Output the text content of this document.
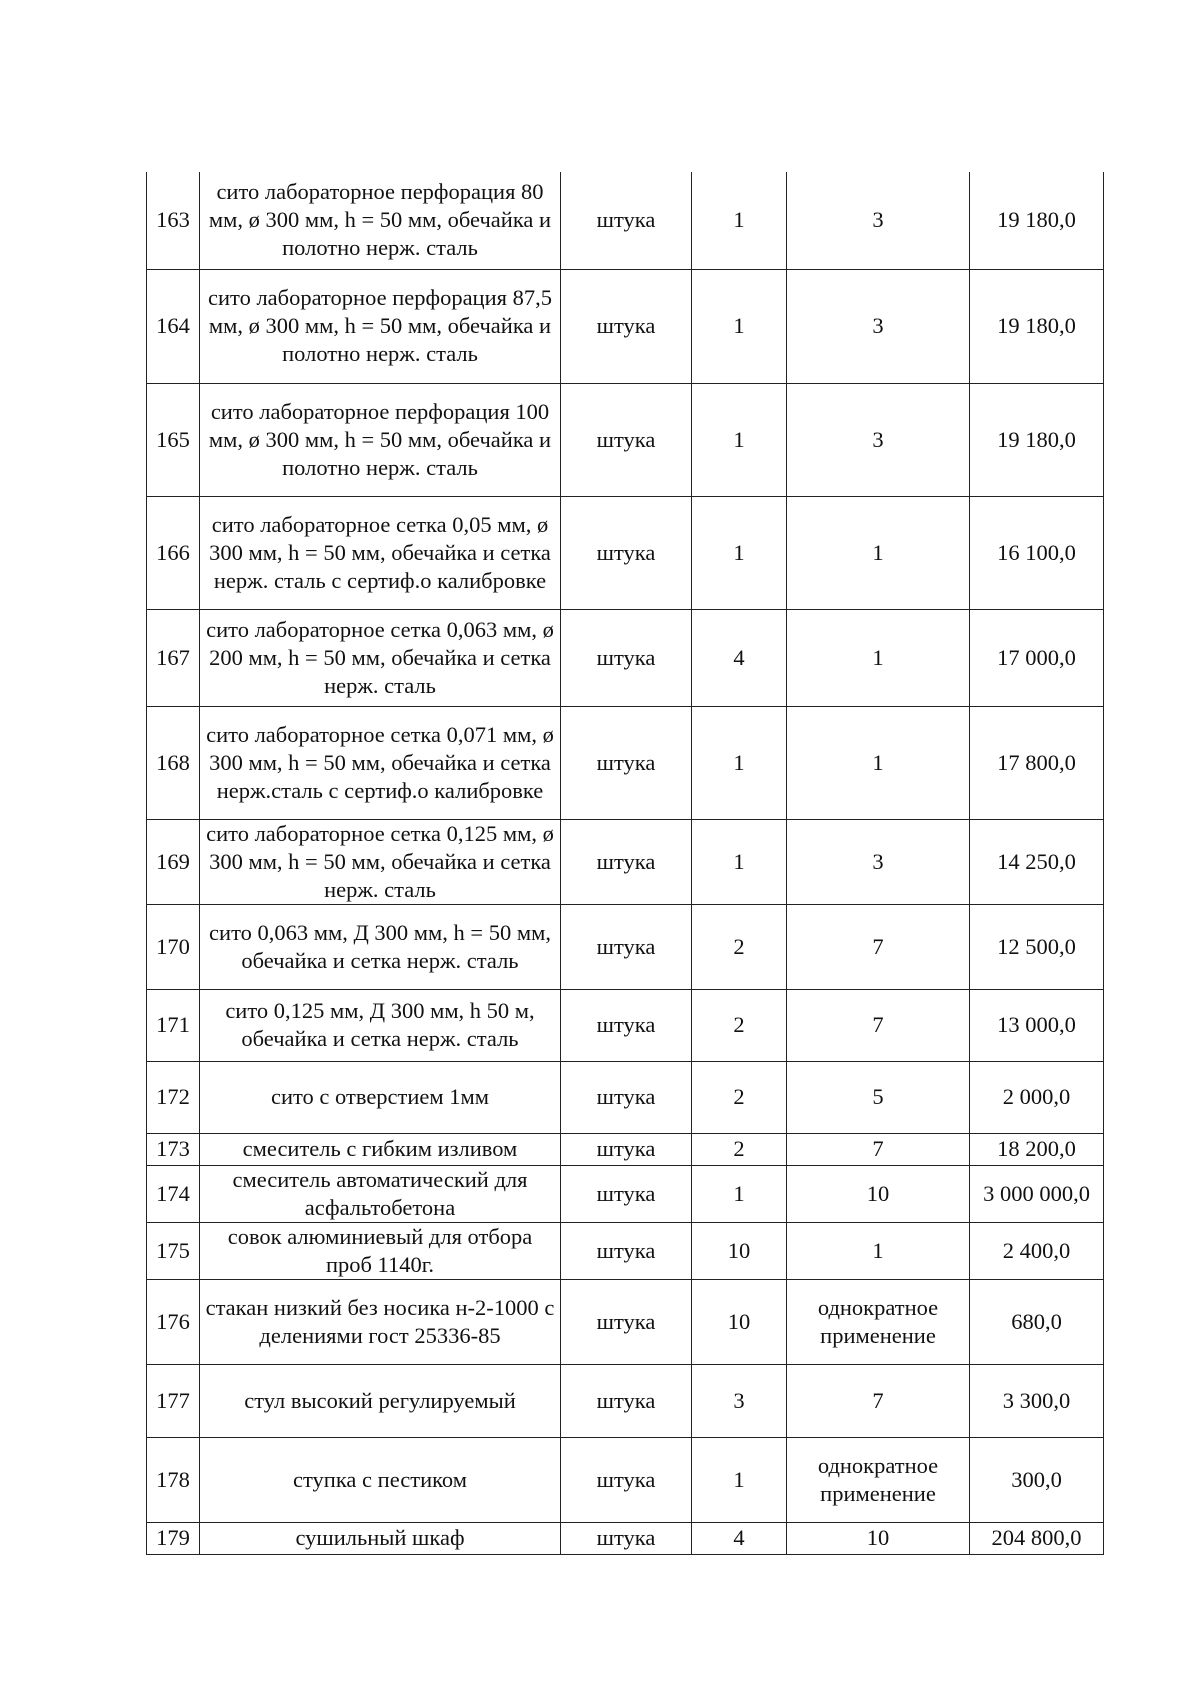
163	сито лабораторное перфорация 80 мм, ø 300 мм, h = 50 мм, обечайка и полотно нерж. сталь	штука	1	3	19 180,0
164	сито лабораторное перфорация 87,5 мм, ø 300 мм, h = 50 мм, обечайка и полотно нерж. сталь	штука	1	3	19 180,0
165	сито лабораторное перфорация 100 мм, ø 300 мм, h = 50 мм, обечайка и полотно нерж. сталь	штука	1	3	19 180,0
166	сито лабораторное сетка 0,05 мм, ø 300 мм, h = 50 мм, обечайка и сетка нерж. сталь с сертиф.о калибровке	штука	1	1	16 100,0
167	сито лабораторное сетка 0,063 мм, ø 200 мм, h = 50 мм, обечайка и сетка нерж. сталь	штука	4	1	17 000,0
168	сито лабораторное сетка 0,071 мм, ø 300 мм, h = 50 мм, обечайка и сетка нерж.сталь с сертиф.о калибровке	штука	1	1	17 800,0
169	сито лабораторное сетка 0,125 мм, ø 300 мм, h = 50 мм, обечайка и сетка нерж. сталь	штука	1	3	14 250,0
170	сито 0,063 мм, Д 300 мм, h = 50 мм, обечайка и сетка нерж. сталь	штука	2	7	12 500,0
171	сито 0,125 мм, Д 300 мм, h 50 м, обечайка и сетка нерж. сталь	штука	2	7	13 000,0
172	сито с отверстием 1мм	штука	2	5	2 000,0
173	смеситель с гибким изливом	штука	2	7	18 200,0
174	смеситель автоматический для асфальтобетона	штука	1	10	3 000 000,0
175	совок алюминиевый для отбора проб 1140г.	штука	10	1	2 400,0
176	стакан низкий без носика н-2-1000 с делениями гост 25336-85	штука	10	однократное применение	680,0
177	стул высокий регулируемый	штука	3	7	3 300,0
178	ступка с пестиком	штука	1	однократное применение	300,0
179	сушильный шкаф	штука	4	10	204 800,0
